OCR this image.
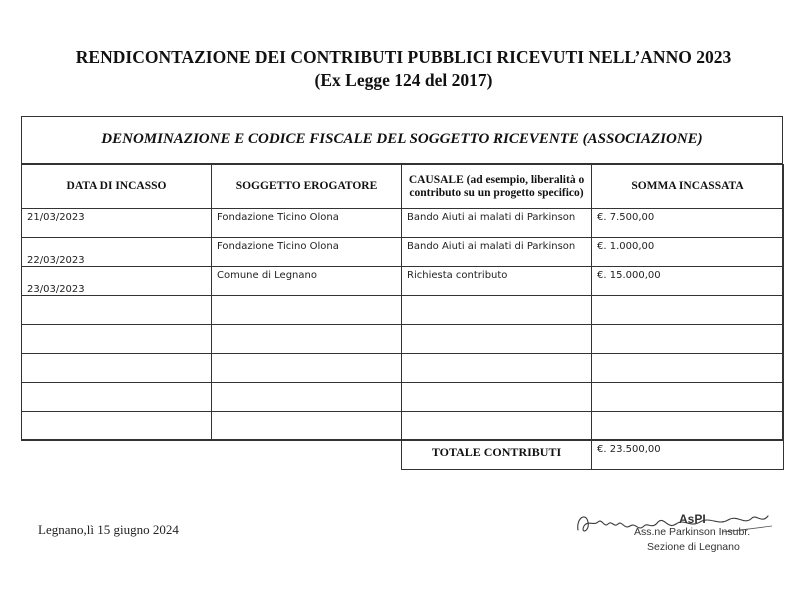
RENDICONTAZIONE DEI CONTRIBUTI PUBBLICI RICEVUTI NELL’ANNO 2023
(Ex Legge 124 del 2017)
DENOMINAZIONE E CODICE FISCALE DEL SOGGETTO RICEVENTE (ASSOCIAZIONE)
DATA DI INCASSO	SOGGETTO EROGATORE	CAUSALE (ad esempio, liberalità o contributo su un progetto specifico)	SOMMA INCASSATA

21/03/2023	Fondazione Ticino Olona	Bando Aiuti ai malati di Parkinson	€. 7.500,00

22/03/2023	Fondazione Ticino Olona	Bando Aiuti ai malati di Parkinson	€. 1.000,00

23/03/2023	Comune di Legnano	Richiesta contributo	€. 15.000,00

TOTALE CONTRIBUTI	€. 23.500,00
Legnano,lì 15 giugno 2024
AsPI
Ass.ne Parkinson Insubr.
Sezione di Legnano
